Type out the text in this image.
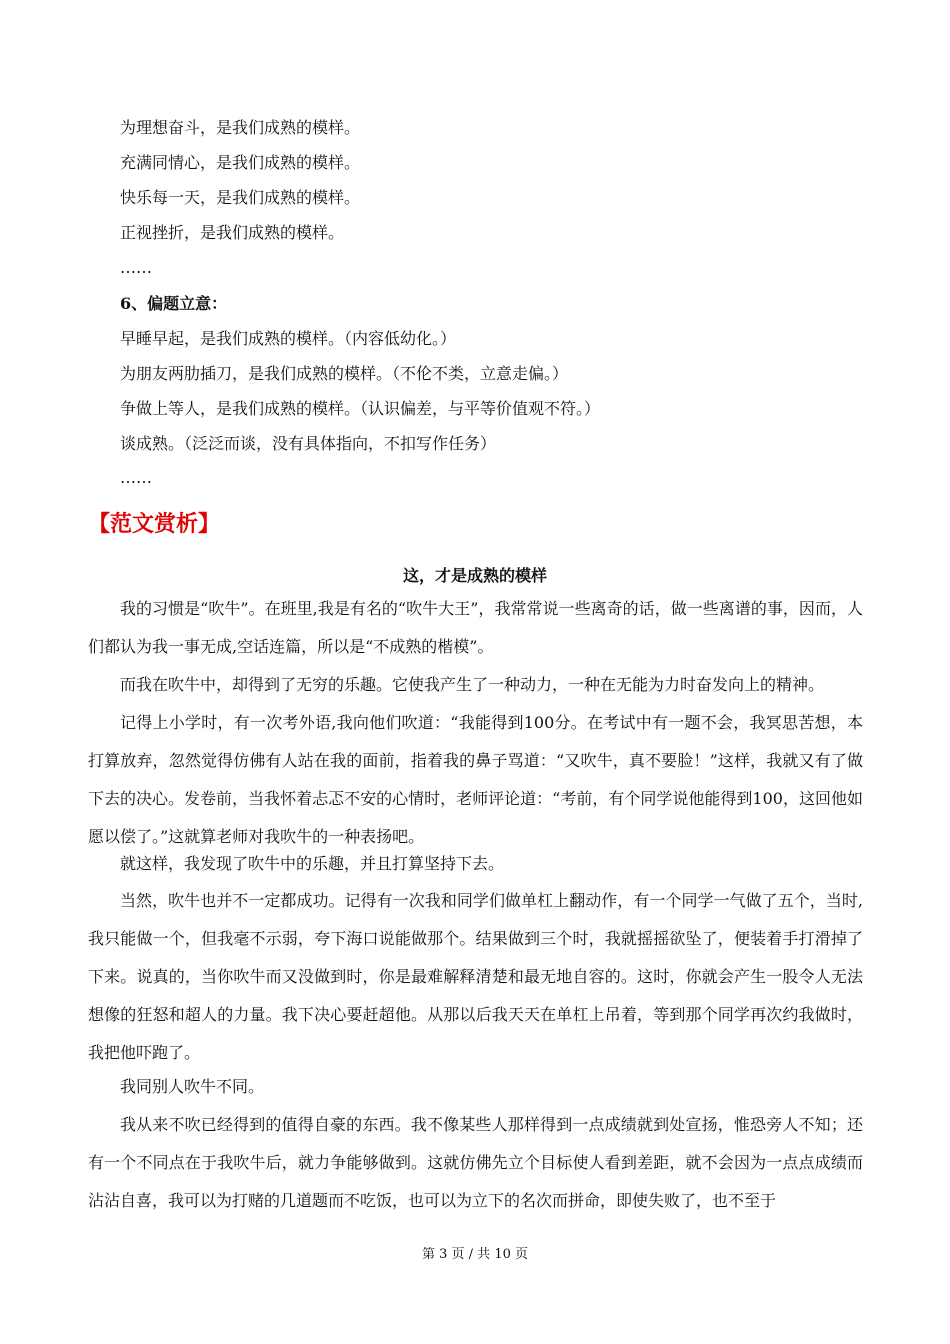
为理想奋斗，是我们成熟的模样。
充满同情心，是我们成熟的模样。
快乐每一天，是我们成熟的模样。
正视挫折，是我们成熟的模样。
……
6、偏题立意：
早睡早起，是我们成熟的模样。（内容低幼化。）
为朋友两肋插刀，是我们成熟的模样。（不伦不类，立意走偏。）
争做上等人，是我们成熟的模样。（认识偏差，与平等价值观不符。）
谈成熟。（泛泛而谈，没有具体指向，不扣写作任务）
……
【范文赏析】
这，才是成熟的模样

我的习惯是“吹牛”。在班里,我是有名的“吹牛大王”，我常常说一些离奇的话，做一些离谱的事，因而，人们都认为我一事无成,空话连篇，所以是“不成熟的楷模”。

而我在吹牛中，却得到了无穷的乐趣。它使我产生了一种动力，一种在无能为力时奋发向上的精神。

记得上小学时，有一次考外语,我向他们吹道：“我能得到100分。在考试中有一题不会，我冥思苦想，本打算放弃，忽然觉得仿佛有人站在我的面前，指着我的鼻子骂道：“又吹牛，真不要脸！”这样，我就又有了做下去的决心。发卷前，当我怀着忐忑不安的心情时，老师评论道：“考前，有个同学说他能得到100，这回他如愿以偿了。”这就算老师对我吹牛的一种表扬吧。

就这样，我发现了吹牛中的乐趣，并且打算坚持下去。

当然，吹牛也并不一定都成功。记得有一次我和同学们做单杠上翻动作，有一个同学一气做了五个，当时,我只能做一个，但我毫不示弱，夸下海口说能做那个。结果做到三个时，我就摇摇欲坠了，便装着手打滑掉了下来。说真的，当你吹牛而又没做到时，你是最难解释清楚和最无地自容的。这时，你就会产生一股令人无法想像的狂怒和超人的力量。我下决心要赶超他。从那以后我天天在单杠上吊着，等到那个同学再次约我做时，我把他吓跑了。

我同别人吹牛不同。

我从来不吹已经得到的值得自豪的东西。我不像某些人那样得到一点成绩就到处宣扬，惟恐旁人不知；还有一个不同点在于我吹牛后，就力争能够做到。这就仿佛先立个目标使人看到差距，就不会因为一点点成绩而沾沾自喜，我可以为打赌的几道题而不吃饭，也可以为立下的名次而拼命，即使失败了，也不至于

第 3 页 / 共 10 页
